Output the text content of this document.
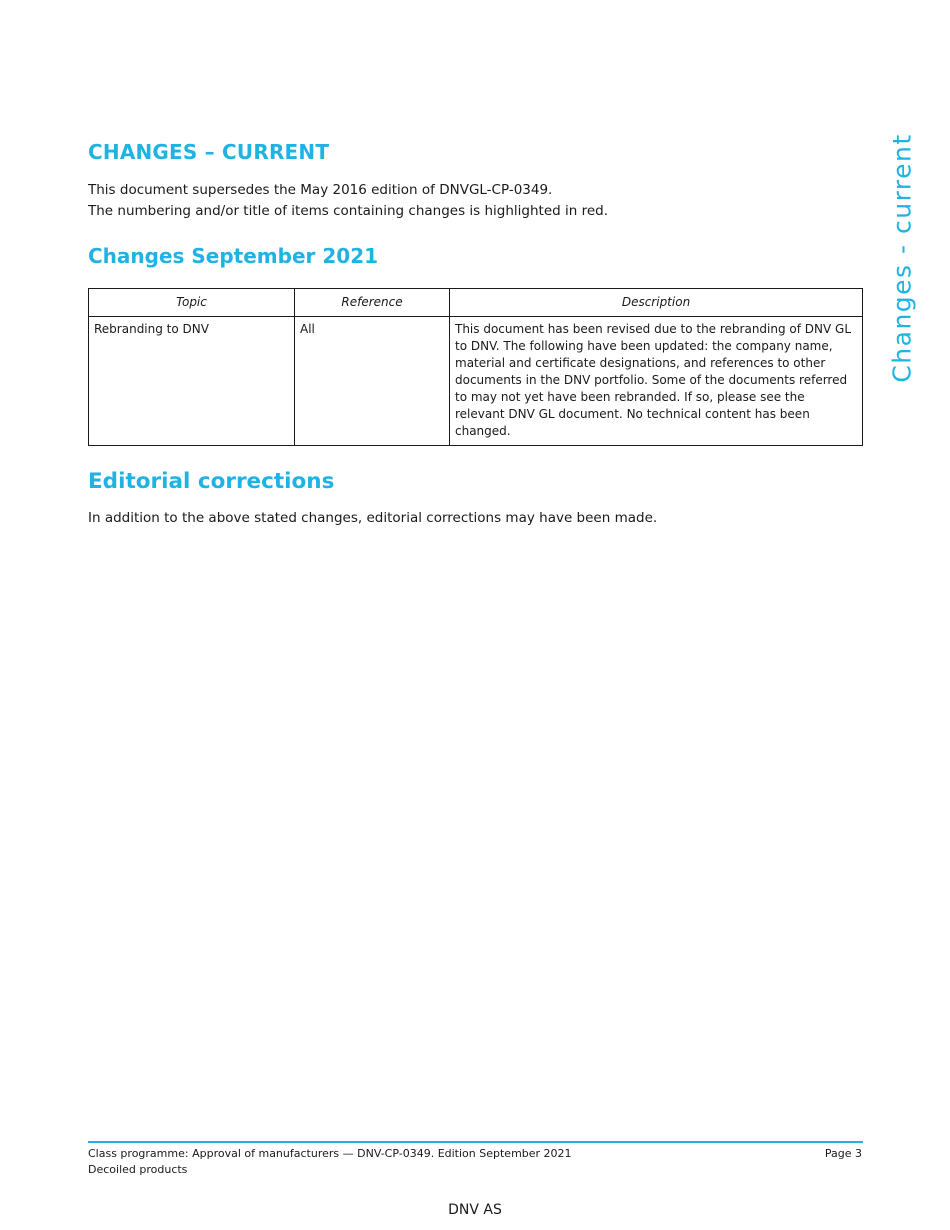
CHANGES – CURRENT

This document supersedes the May 2016 edition of DNVGL-CP-0349.

The numbering and/or title of items containing changes is highlighted in red.

Changes September 2021
Topic	Reference	Description
Rebranding to DNV	All	This document has been revised due to the rebranding of DNV GL to DNV. The following have been updated: the company name, material and certificate designations, and references to other documents in the DNV portfolio. Some of the documents referred to may not yet have been rebranded. If so, please see the relevant DNV GL document. No technical content has been changed.
Editorial corrections

In addition to the above stated changes, editorial corrections may have been made.

Changes - current
Class programme: Approval of manufacturers — DNV-CP-0349. Edition September 2021
Decoiled products
Page 3
DNV AS
